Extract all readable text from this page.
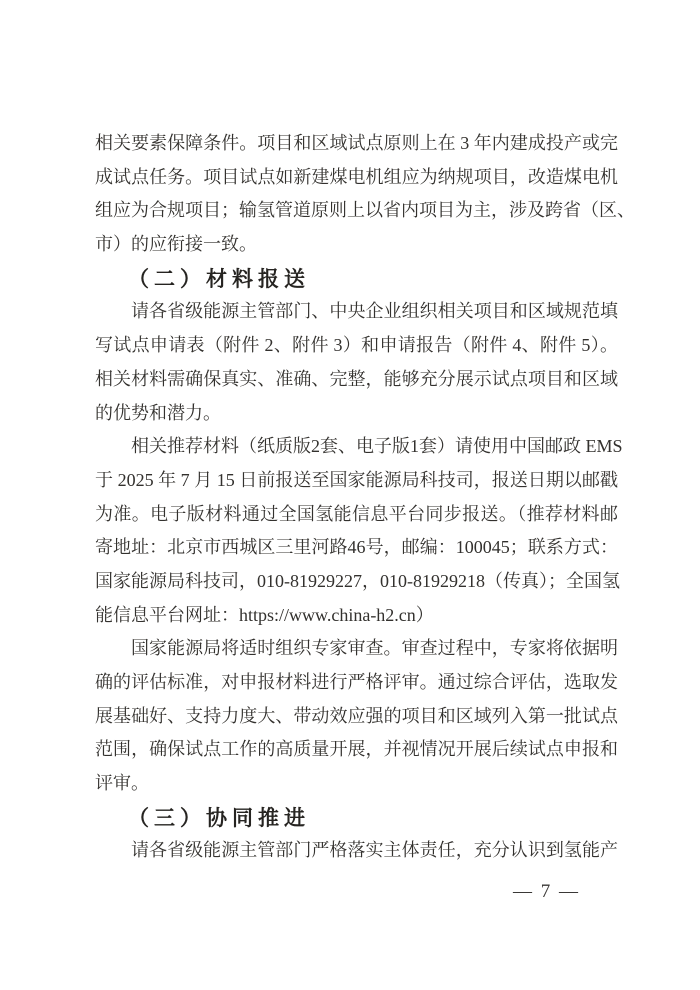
相关要素保障条件。项目和区域试点原则上在 3 年内建成投产或完
成试点任务。项目试点如新建煤电机组应为纳规项目，改造煤电机
组应为合规项目；输氢管道原则上以省内项目为主，涉及跨省（区、
市）的应衔接一致。
（二）材料报送
请各省级能源主管部门、中央企业组织相关项目和区域规范填
写试点申请表（附件 2、附件 3）和申请报告（附件 4、附件 5）。
相关材料需确保真实、准确、完整，能够充分展示试点项目和区域
的优势和潜力。
相关推荐材料（纸质版2套、电子版1套）请使用中国邮政 EMS
于 2025 年 7 月 15 日前报送至国家能源局科技司，报送日期以邮戳
为准。电子版材料通过全国氢能信息平台同步报送。（推荐材料邮
寄地址：北京市西城区三里河路46号，邮编：100045；联系方式：
国家能源局科技司，010-81929227，010-81929218（传真）；全国氢
能信息平台网址：https://www.china-h2.cn）
国家能源局将适时组织专家审查。审查过程中，专家将依据明
确的评估标准，对申报材料进行严格评审。通过综合评估，选取发
展基础好、支持力度大、带动效应强的项目和区域列入第一批试点
范围，确保试点工作的高质量开展，并视情况开展后续试点申报和
评审。
（三）协同推进
请各省级能源主管部门严格落实主体责任，充分认识到氢能产
— 7 —
